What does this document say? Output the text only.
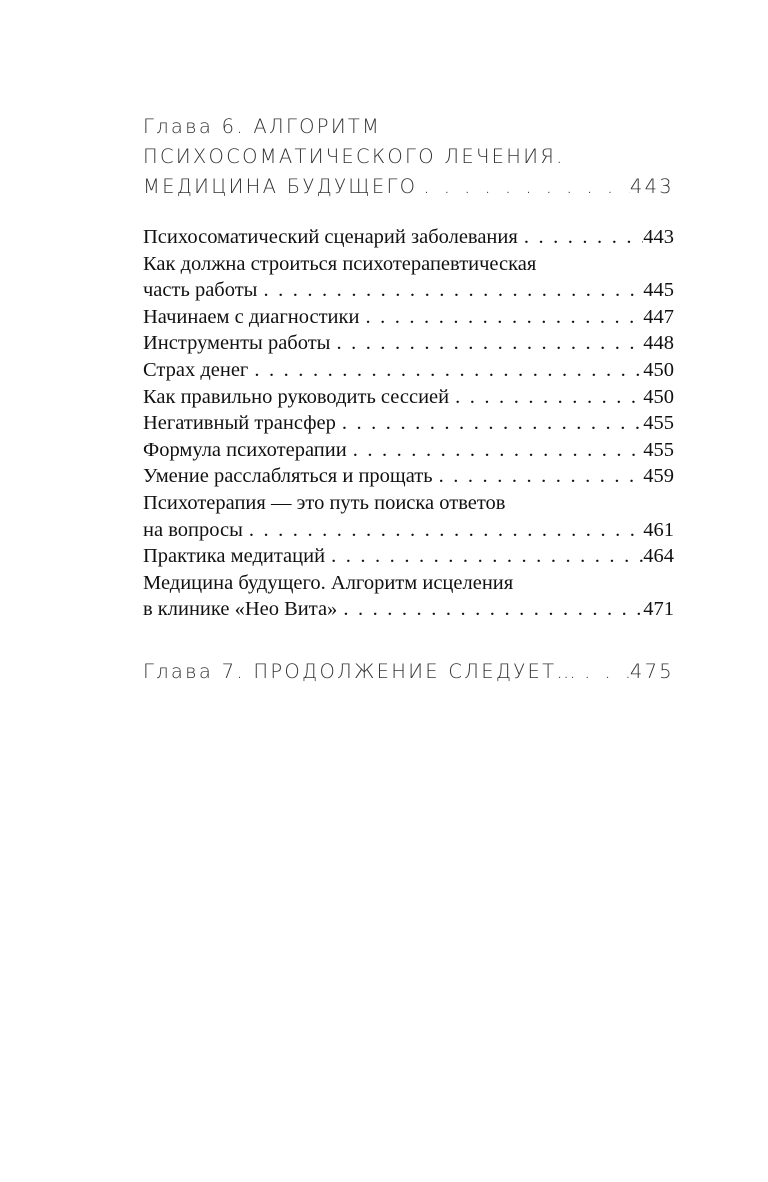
Глава 6. АЛГОРИТМ
ПСИХОСОМАТИЧЕСКОГО ЛЕЧЕНИЯ.
МЕДИЦИНА БУДУЩЕГО . . .	443
Психосоматический сценарий заболевания . . .	443
Как должна строиться психотерапевтическая
часть работы . . .	445
Начинаем с диагностики . . .	447
Инструменты работы . . .	448
Страх денег . . .	450
Как правильно руководить сессией . . .	450
Негативный трансфер . . .	455
Формула психотерапии . . .	455
Умение расслабляться и прощать . . .	459
Психотерапия — это путь поиска ответов
на вопросы . . .	461
Практика медитаций . . .	464
Медицина будущего. Алгоритм исцеления
в клинике «Нео Вита» . . .	471
Глава 7. ПРОДОЛЖЕНИЕ СЛЕДУЕТ… . . .	475
